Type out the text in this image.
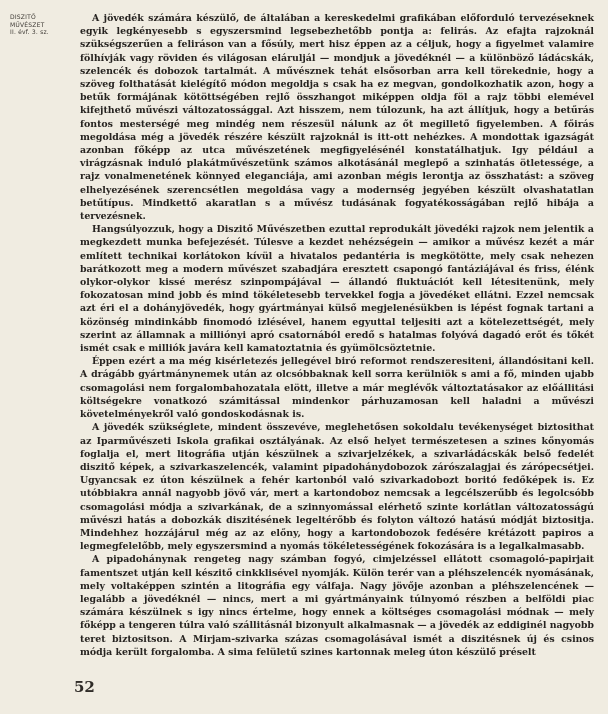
DISZITŐ
MŰVÉSZET
II. évf. 3. sz.

A jövedék számára készülő, de általában a kereskedelmi grafikában előforduló tervezéseknek egyik legkényesebb s egyszersmind legsebezhetőbb pontja a: felirás. Az efajta rajzoknál szükségszerűen a feliráson van a fősúly, mert hisz éppen az a céljuk, hogy a figyelmet valamire fölhívják vagy röviden és világosan eláruljál — mondjuk a jövedéknél — a különböző ládácskák, szelencék és dobozok tartalmát. A művésznek tehát elsősorban arra kell törekednie, hogy a szöveg folthatását kielégítő módon megoldja s csak ha ez megvan, gondolkozhatik azon, hogy a betűk formájának kötöttségében rejlő összhangot miképpen oldja föl a rajz többi elemével kifejthető művészi változatossággal. Azt hisszem, nem túlozunk, ha azt állítjuk, hogy a betűrás fontos mesterségé meg mindég nem részesül nálunk az őt megillető figyelemben. A főirás megoldása még a jövedék részére készült rajzoknál is itt-ott nehézkes. A mondottak igazságát azonban főképp az utca művészetének megfigyelésénél konstatálhatjuk. Igy például a virágzásnak induló plakátművészetünk számos alkotásánál meglepő a szinhatás ötletessége, a rajz vonalmenetének könnyed eleganciája, ami azonban mégis lerontja az összhatást: a szöveg elhelyezésének szerencsétlen megoldása vagy a modernség jegyében készült olvashatatlan betűtípus. Mindkettő akaratlan s a művész tudásának fogyatékosságában rejlő hibája a tervezésnek.

Hangsúlyozzuk, hogy a Diszitő Művészetben ezuttal reprodukált jövedéki rajzok nem jelentik a megkezdett munka befejezését. Túlesve a kezdet nehézségein — amikor a művész kezét a már említett technikai korlátokon kívül a hivatalos pedantéria is megkötötte, mely csak nehezen barátkozott meg a modern művészet szabadjára eresztett csapongó fantáziájával és friss, élénk olykor-olykor kissé merész szinpompájával — állandó fluktuációt kell létesitenünk, mely fokozatosan mind jobb és mind tökéletesebb tervekkel fogja a jövedéket ellátni. Ezzel nemcsak azt éri el a dohányjövedék, hogy gyártmányai külső megjelenésükben is lépést fognak tartani a közönség mindinkább finomodó izlésével, hanem egyuttal teljesiti azt a kötelezettségét, mely szerint az államnak a milliónyi apró csatornából eredő s hatalmas folyóvá dagadó erőt és tőkét ismét csak e milliók javára kell kamatoztatnia és gyümölcsöztetnie.

Éppen ezért a ma még kisérletezés jellegével biró reformot rendszeresiteni, állandósitani kell. A drágább gyártmánynemek után az olcsóbbaknak kell sorra kerülniök s ami a fő, minden ujabb csomagolási nem forgalombahozatala elött, illetve a már meglévők változtatásakor az előállitási költségekre vonatkozó számitással mindenkor párhuzamosan kell haladni a művészi követelményekről való gondoskodásnak is.

A jövedék szükséglete, mindent összevéve, meglehetősen sokoldalu tevékenységet biztosithat az Iparművészeti Iskola grafikai osztályának. Az első helyet természetesen a szines kőnyomás foglalja el, mert litográfia utján készülnek a szivarjelzékek, a szivarládácskák belső fedelét diszitő képek, a szivarkaszelencék, valamint pipadohánydobozok zárószalagjai és zárópecsétjei. Ugyancsak ez úton készülnek a fehér kartonból való szivarkadobozt boritó fedőképek is. Ez utóbbiakra annál nagyobb jövő vár, mert a kartondoboz nemcsak a legcélszerűbb és legolcsóbb csomagolási módja a szivarkának, de a szinnyomással elérhető szinte korlátlan változatosságú művészi hatás a dobozkák diszitésének legeltérőbb és folyton változó hatású módját biztositja. Mindehhez hozzájárul még az az előny, hogy a kartondobozok fedésére krétázott papiros a legmegfelelőbb, mely egyszersmind a nyomás tökéletességének fokozására is a legalkalmasabb.

A pipadohánynak rengeteg nagy számban fogyó, cimjelzéssel ellátott csomagoló-papirjait famentszet utján kell készitő cinkklisével nyomják. Külön terér van a pléhszelencék nyomásának, mely voltaképpen szintén a litográfia egy válfaja. Nagy jövője azonban a pléhszelencének — legalább a jövedéknél — nincs, mert a mi gyártmányaink túlnyomó részben a belföldi piac számára készülnek s igy nincs értelme, hogy ennek a költséges csomagolási módnak — mely főképp a tengeren túlra való szállitásnál bizonyult alkalmasnak — a jövedék az eddiginél nagyobb teret biztositson. A Mirjam-szivarka százas csomagolásával ismét a diszitésnek új és csinos módja került forgalomba. A sima felületű szines kartonnak meleg úton készülő préselt

52
